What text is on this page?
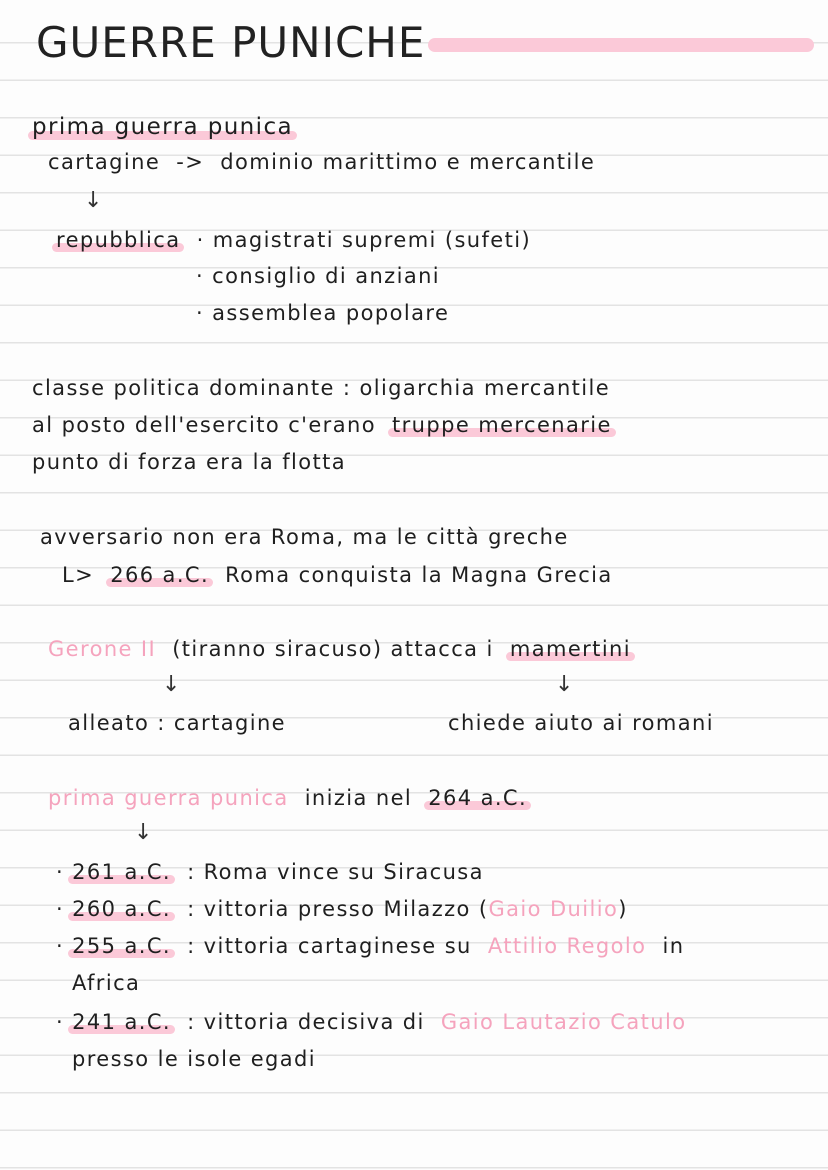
GUERRE PUNICHE
prima guerra punica
cartagine -> dominio marittimo e mercantile
↓
repubblica · magistrati supremi (sufeti)
· consiglio di anziani
· assemblea popolare
classe politica dominante : oligarchia mercantile
al posto dell'esercito c'erano truppe mercenarie
punto di forza era la flotta
avversario non era Roma, ma le città greche
L> 266 a.C. Roma conquista la Magna Grecia
Gerone II (tiranno siracuso) attacca i mamertini
↓	↓
alleato : cartagine	chiede aiuto ai romani
prima guerra punica inizia nel 264 a.C.
↓
· 261 a.C. : Roma vince su Siracusa
· 260 a.C. : vittoria presso Milazzo (Gaio Duilio)
· 255 a.C. : vittoria cartaginese su Attilio Regolo in
Africa
· 241 a.C. : vittoria decisiva di Gaio Lautazio Catulo
presso le isole egadi
